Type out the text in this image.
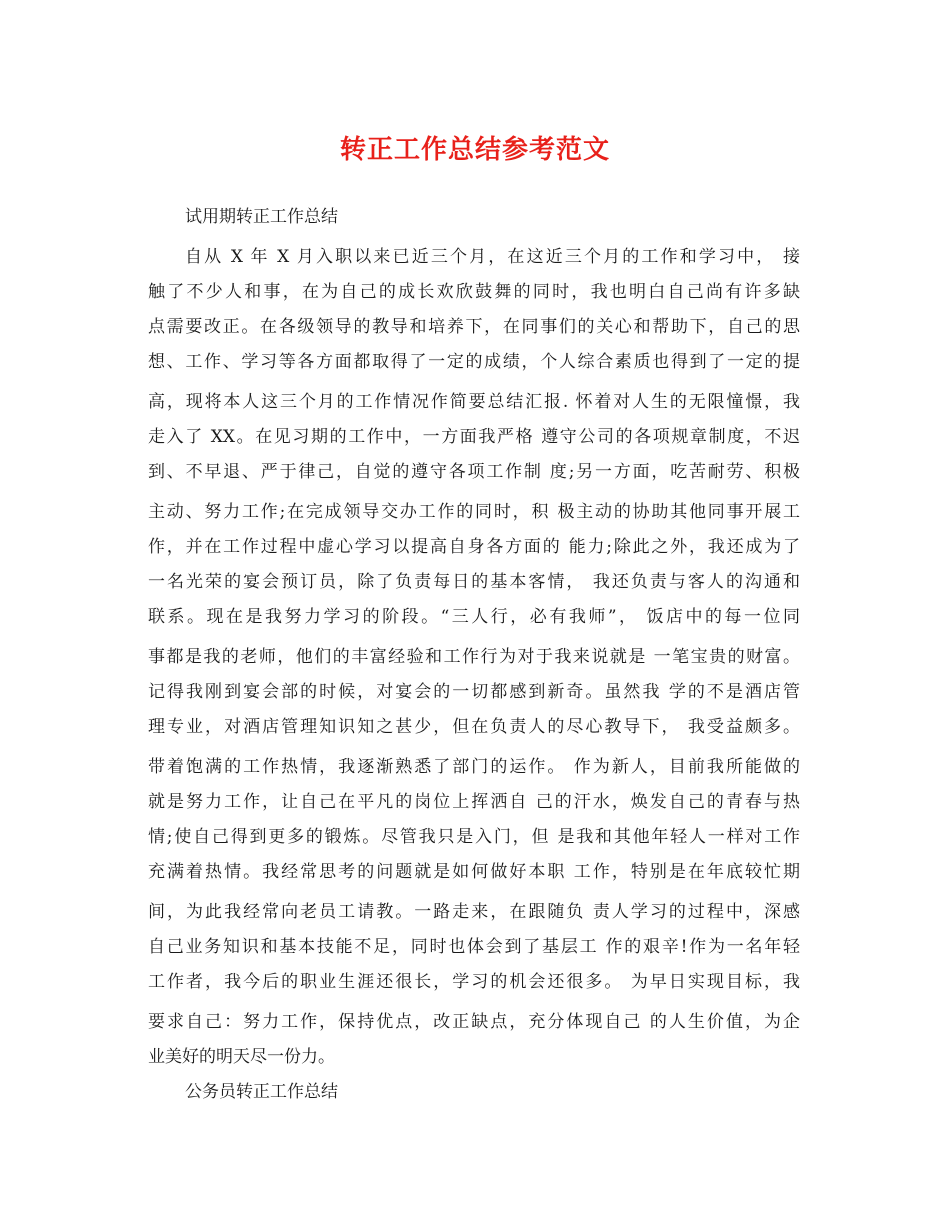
转正工作总结参考范文
试用期转正工作总结
自从 X 年 X 月入职以来已近三个月，在这近三个月的工作和学习中， 接
触了不少人和事，在为自己的成长欢欣鼓舞的同时，我也明白自己尚有许多缺
点需要改正。在各级领导的教导和培养下，在同事们的关心和帮助下，自己的思
想、工作、学习等各方面都取得了一定的成绩，个人综合素质也得到了一定的提
高，现将本人这三个月的工作情况作简要总结汇报. 怀着对人生的无限憧憬，我
走入了 XX。在见习期的工作中，一方面我严格 遵守公司的各项规章制度，不迟
到、不早退、严于律己，自觉的遵守各项工作制 度;另一方面，吃苦耐劳、积极
主动、努力工作;在完成领导交办工作的同时，积 极主动的协助其他同事开展工
作，并在工作过程中虚心学习以提高自身各方面的 能力;除此之外，我还成为了
一名光荣的宴会预订员，除了负责每日的基本客情， 我还负责与客人的沟通和
联系。现在是我努力学习的阶段。“三人行，必有我师”， 饭店中的每一位同
事都是我的老师，他们的丰富经验和工作行为对于我来说就是 一笔宝贵的财富。
记得我刚到宴会部的时候，对宴会的一切都感到新奇。虽然我 学的不是酒店管
理专业，对酒店管理知识知之甚少，但在负责人的尽心教导下， 我受益颇多。
带着饱满的工作热情，我逐渐熟悉了部门的运作。 作为新人，目前我所能做的
就是努力工作，让自己在平凡的岗位上挥洒自 己的汗水，焕发自己的青春与热
情;使自己得到更多的锻炼。尽管我只是入门，但 是我和其他年轻人一样对工作
充满着热情。我经常思考的问题就是如何做好本职 工作，特别是在年底较忙期
间，为此我经常向老员工请教。一路走来，在跟随负 责人学习的过程中，深感
自己业务知识和基本技能不足，同时也体会到了基层工 作的艰辛!作为一名年轻
工作者，我今后的职业生涯还很长，学习的机会还很多。 为早日实现目标，我
要求自己：努力工作，保持优点，改正缺点，充分体现自己 的人生价值，为企
业美好的明天尽一份力。
公务员转正工作总结
